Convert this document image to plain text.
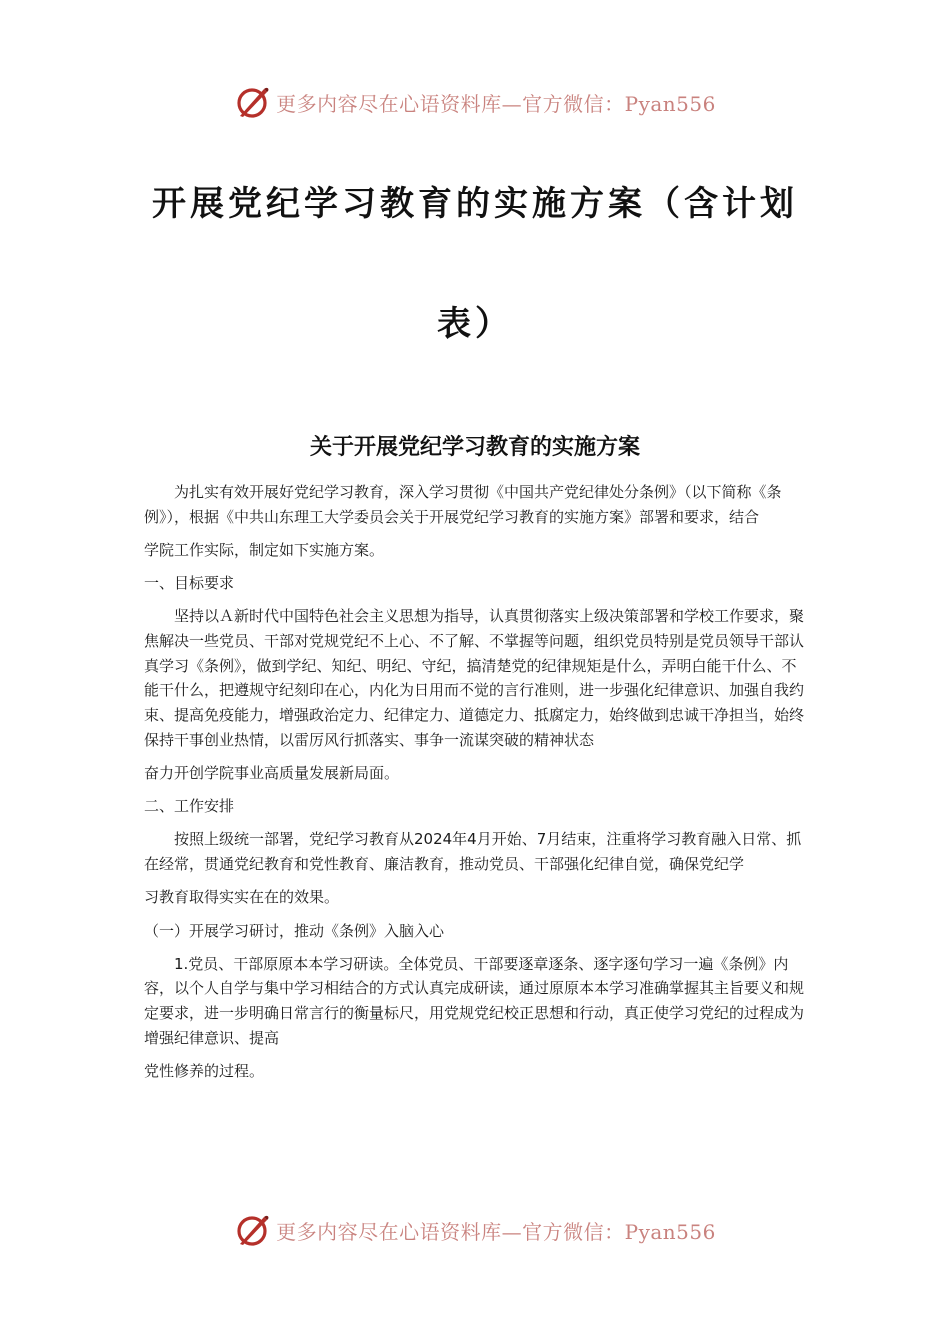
更多内容尽在心语资料库—官方微信：Pyan556
开展党纪学习教育的实施方案（含计划
表）
关于开展党纪学习教育的实施方案

为扎实有效开展好党纪学习教育，深入学习贯彻《中国共产党纪律处分条例》（以下简称《条例》），根据《中共山东理工大学委员会关于开展党纪学习教育的实施方案》部署和要求，结合

学院工作实际，制定如下实施方案。

一、目标要求

坚持以Ａ新时代中国特色社会主义思想为指导，认真贯彻落实上级决策部署和学校工作要求，聚焦解决一些党员、干部对党规党纪不上心、不了解、不掌握等问题，组织党员特别是党员领导干部认真学习《条例》，做到学纪、知纪、明纪、守纪，搞清楚党的纪律规矩是什么，弄明白能干什么、不能干什么，把遵规守纪刻印在心，内化为日用而不觉的言行准则，进一步强化纪律意识、加强自我约束、提高免疫能力，增强政治定力、纪律定力、道德定力、抵腐定力，始终做到忠诚干净担当，始终保持干事创业热情，以雷厉风行抓落实、事争一流谋突破的精神状态

奋力开创学院事业高质量发展新局面。

二、工作安排

按照上级统一部署，党纪学习教育从2024年4月开始、7月结束，注重将学习教育融入日常、抓在经常，贯通党纪教育和党性教育、廉洁教育，推动党员、干部强化纪律自觉，确保党纪学

习教育取得实实在在的效果。

（一）开展学习研讨，推动《条例》入脑入心

1.党员、干部原原本本学习研读。全体党员、干部要逐章逐条、逐字逐句学习一遍《条例》内容，以个人自学与集中学习相结合的方式认真完成研读，通过原原本本学习准确掌握其主旨要义和规定要求，进一步明确日常言行的衡量标尺，用党规党纪校正思想和行动，真正使学习党纪的过程成为增强纪律意识、提高

党性修养的过程。

更多内容尽在心语资料库—官方微信：Pyan556
